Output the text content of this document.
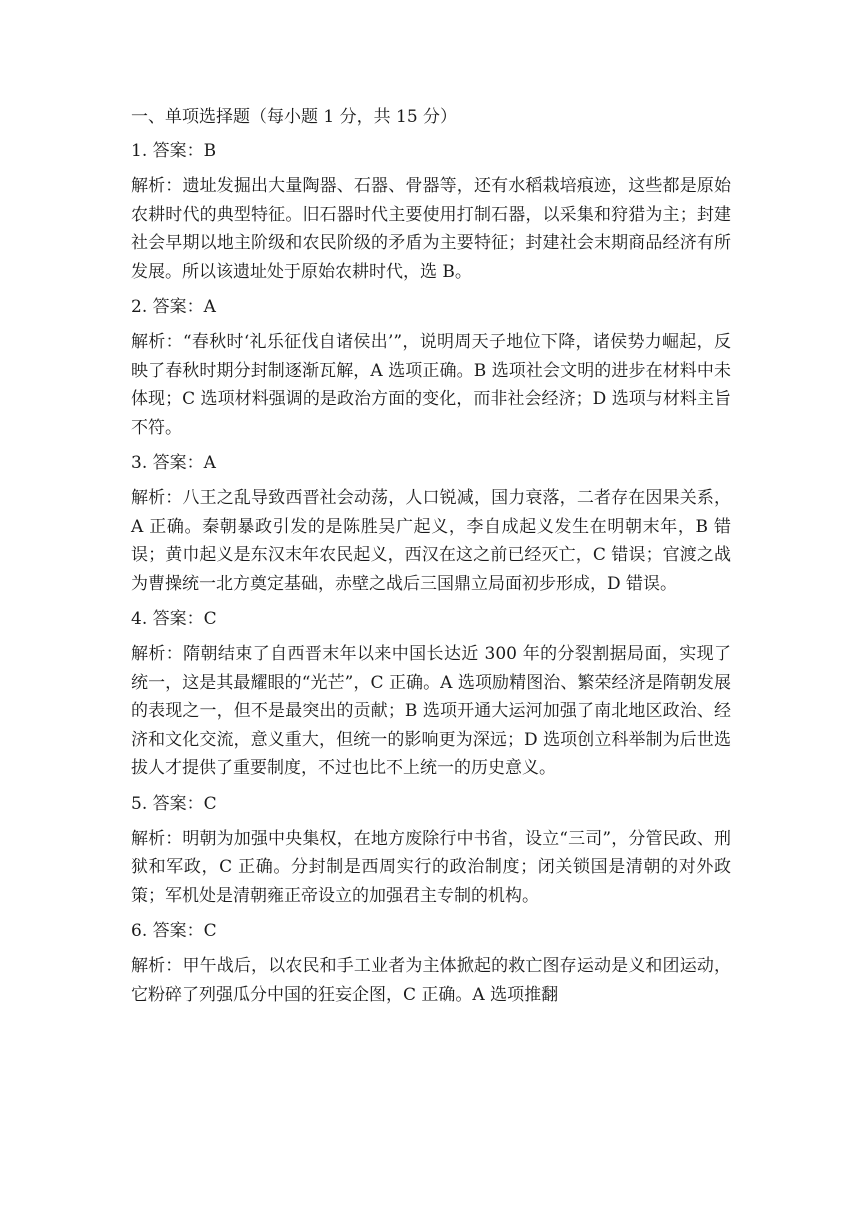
一、单项选择题（每小题 1 分，共 15 分）
1. 答案：B
解析：遗址发掘出大量陶器、石器、骨器等，还有水稻栽培痕迹，这些都是原始农耕时代的典型特征。旧石器时代主要使用打制石器，以采集和狩猎为主；封建社会早期以地主阶级和农民阶级的矛盾为主要特征；封建社会末期商品经济有所发展。所以该遗址处于原始农耕时代，选 B。
2. 答案：A
解析：“春秋时‘礼乐征伐自诸侯出’”，说明周天子地位下降，诸侯势力崛起，反映了春秋时期分封制逐渐瓦解，A 选项正确。B 选项社会文明的进步在材料中未体现；C 选项材料强调的是政治方面的变化，而非社会经济；D 选项与材料主旨不符。
3. 答案：A
解析：八王之乱导致西晋社会动荡，人口锐减，国力衰落，二者存在因果关系，A 正确。秦朝暴政引发的是陈胜吴广起义，李自成起义发生在明朝末年，B 错误；黄巾起义是东汉末年农民起义，西汉在这之前已经灭亡，C 错误；官渡之战为曹操统一北方奠定基础，赤壁之战后三国鼎立局面初步形成，D 错误。
4. 答案：C
解析：隋朝结束了自西晋末年以来中国长达近 300 年的分裂割据局面，实现了统一，这是其最耀眼的“光芒”，C 正确。A 选项励精图治、繁荣经济是隋朝发展的表现之一，但不是最突出的贡献；B 选项开通大运河加强了南北地区政治、经济和文化交流，意义重大，但统一的影响更为深远；D 选项创立科举制为后世选拔人才提供了重要制度，不过也比不上统一的历史意义。
5. 答案：C
解析：明朝为加强中央集权，在地方废除行中书省，设立“三司”，分管民政、刑狱和军政，C 正确。分封制是西周实行的政治制度；闭关锁国是清朝的对外政策；军机处是清朝雍正帝设立的加强君主专制的机构。
6. 答案：C
解析：甲午战后，以农民和手工业者为主体掀起的救亡图存运动是义和团运动，它粉碎了列强瓜分中国的狂妄企图，C 正确。A 选项推翻
